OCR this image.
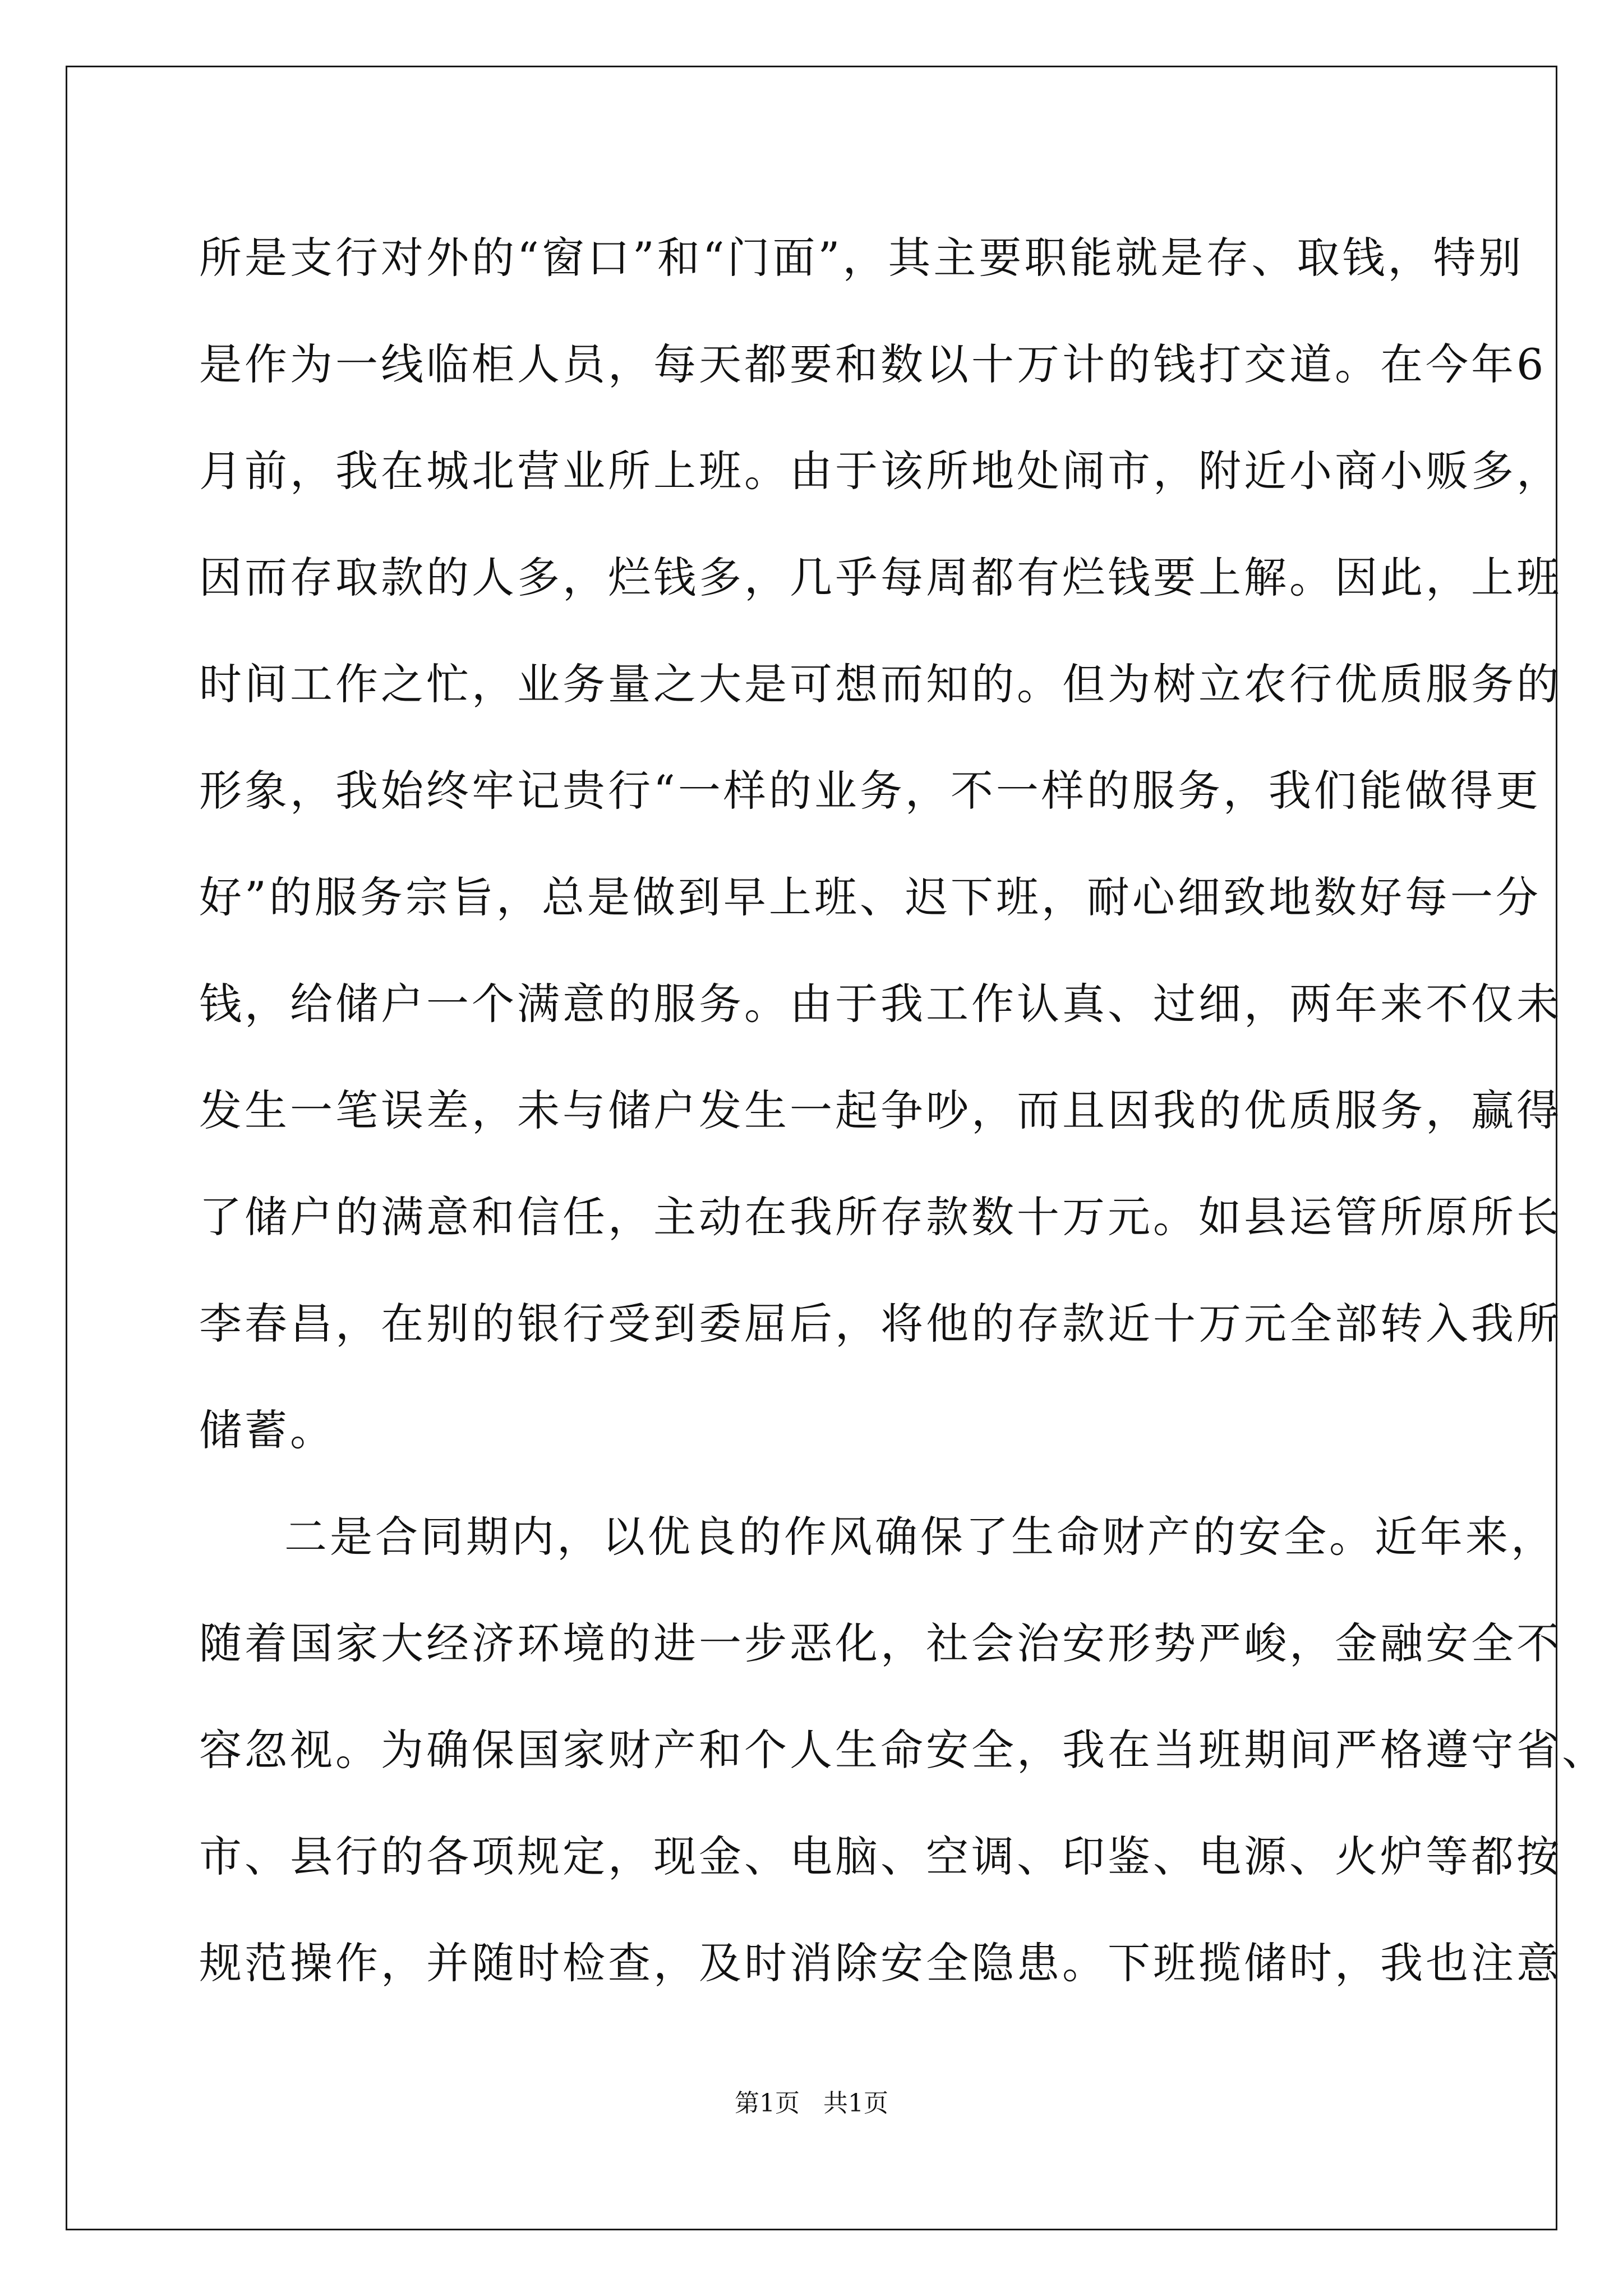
所是支行对外的“窗口”和“门面”，其主要职能就是存、取钱，特别
是作为一线临柜人员，每天都要和数以十万计的钱打交道。在今年6
月前，我在城北营业所上班。由于该所地处闹市，附近小商小贩多，
因而存取款的人多，烂钱多，几乎每周都有烂钱要上解。因此，上班
时间工作之忙，业务量之大是可想而知的。但为树立农行优质服务的
形象，我始终牢记贵行“一样的业务，不一样的服务，我们能做得更
好”的服务宗旨，总是做到早上班、迟下班，耐心细致地数好每一分
钱，给储户一个满意的服务。由于我工作认真、过细，两年来不仅未
发生一笔误差，未与储户发生一起争吵，而且因我的优质服务，赢得
了储户的满意和信任，主动在我所存款数十万元。如县运管所原所长
李春昌，在别的银行受到委屈后，将他的存款近十万元全部转入我所
储蓄。
二是合同期内，以优良的作风确保了生命财产的安全。近年来，
随着国家大经济环境的进一步恶化，社会治安形势严峻，金融安全不
容忽视。为确保国家财产和个人生命安全，我在当班期间严格遵守省、
市、县行的各项规定，现金、电脑、空调、印鉴、电源、火炉等都按
规范操作，并随时检查，及时消除安全隐患。下班揽储时，我也注意
第1页   共1页
